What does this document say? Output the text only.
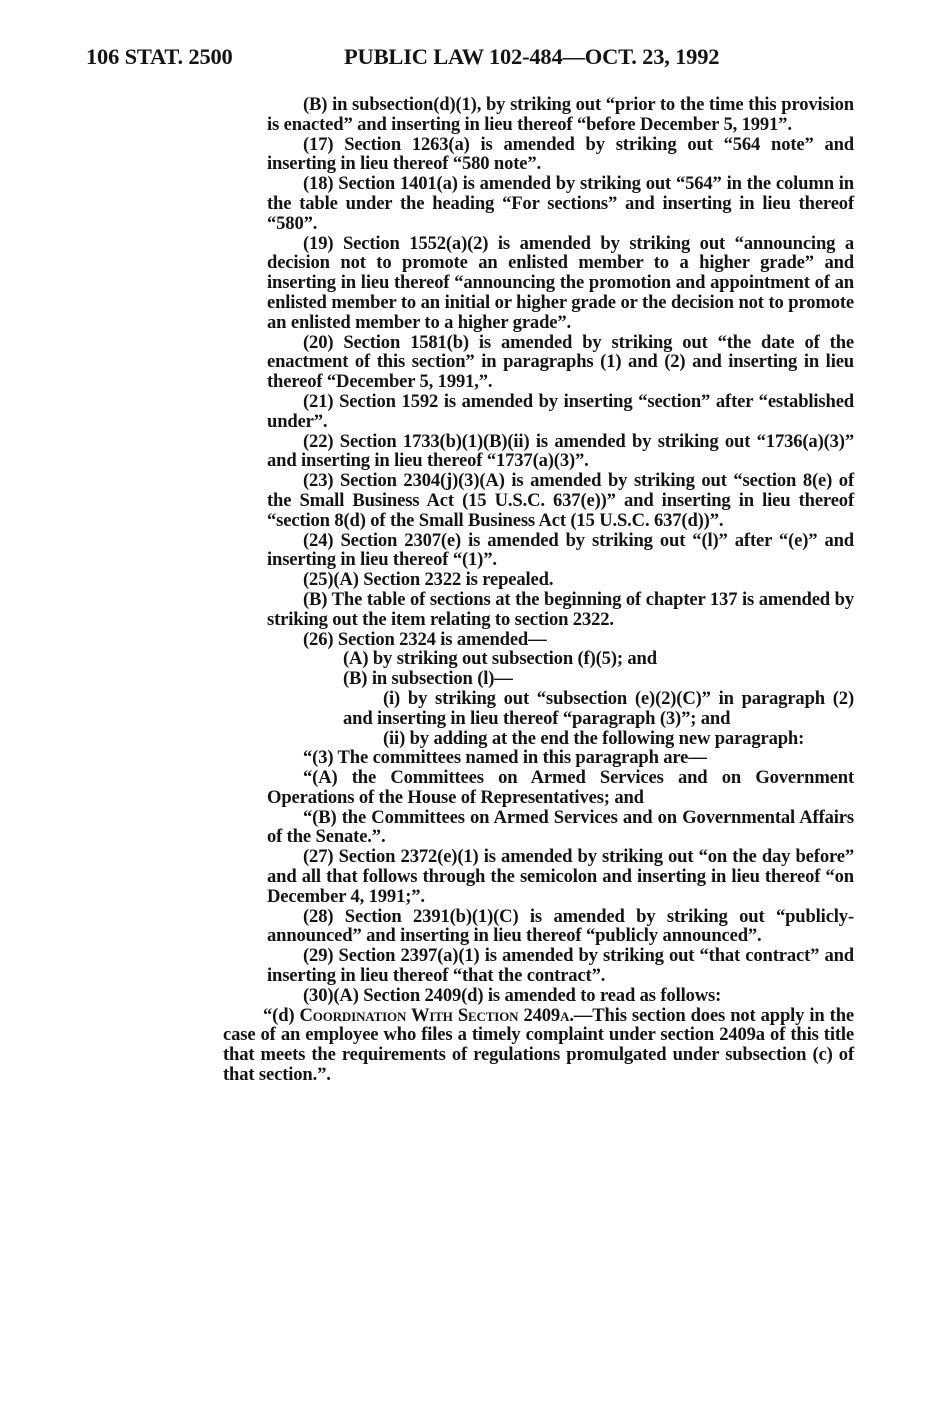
106 STAT. 2500	PUBLIC LAW 102-484—OCT. 23, 1992

(B) in subsection(d)(1), by striking out “prior to the time this provision is enacted” and inserting in lieu thereof “before December 5, 1991”.

(17) Section 1263(a) is amended by striking out “564 note” and inserting in lieu thereof “580 note”.

(18) Section 1401(a) is amended by striking out “564” in the column in the table under the heading “For sections” and inserting in lieu thereof “580”.

(19) Section 1552(a)(2) is amended by striking out “announcing a decision not to promote an enlisted member to a higher grade” and inserting in lieu thereof “announcing the promotion and appointment of an enlisted member to an initial or higher grade or the decision not to promote an enlisted member to a higher grade”.

(20) Section 1581(b) is amended by striking out “the date of the enactment of this section” in paragraphs (1) and (2) and inserting in lieu thereof “December 5, 1991,”.

(21) Section 1592 is amended by inserting “section” after “established under”.

(22) Section 1733(b)(1)(B)(ii) is amended by striking out “1736(a)(3)” and inserting in lieu thereof “1737(a)(3)”.

(23) Section 2304(j)(3)(A) is amended by striking out “section 8(e) of the Small Business Act (15 U.S.C. 637(e))” and inserting in lieu thereof “section 8(d) of the Small Business Act (15 U.S.C. 637(d))”.

(24) Section 2307(e) is amended by striking out “(l)” after “(e)” and inserting in lieu thereof “(1)”.

(25)(A) Section 2322 is repealed.

(B) The table of sections at the beginning of chapter 137 is amended by striking out the item relating to section 2322.

(26) Section 2324 is amended—

(A) by striking out subsection (f)(5); and

(B) in subsection (l)—

(i) by striking out “subsection (e)(2)(C)” in paragraph (2) and inserting in lieu thereof “paragraph (3)”; and

(ii) by adding at the end the following new paragraph:

“(3) The committees named in this paragraph are—

“(A) the Committees on Armed Services and on Government Operations of the House of Representatives; and

“(B) the Committees on Armed Services and on Governmental Affairs of the Senate.”.

(27) Section 2372(e)(1) is amended by striking out “on the day before” and all that follows through the semicolon and inserting in lieu thereof “on December 4, 1991;”.

(28) Section 2391(b)(1)(C) is amended by striking out “publicly-announced” and inserting in lieu thereof “publicly announced”.

(29) Section 2397(a)(1) is amended by striking out “that contract” and inserting in lieu thereof “that the contract”.

(30)(A) Section 2409(d) is amended to read as follows:

“(d) Coordination With Section 2409a.—This section does not apply in the case of an employee who files a timely complaint under section 2409a of this title that meets the requirements of regulations promulgated under subsection (c) of that section.”.
